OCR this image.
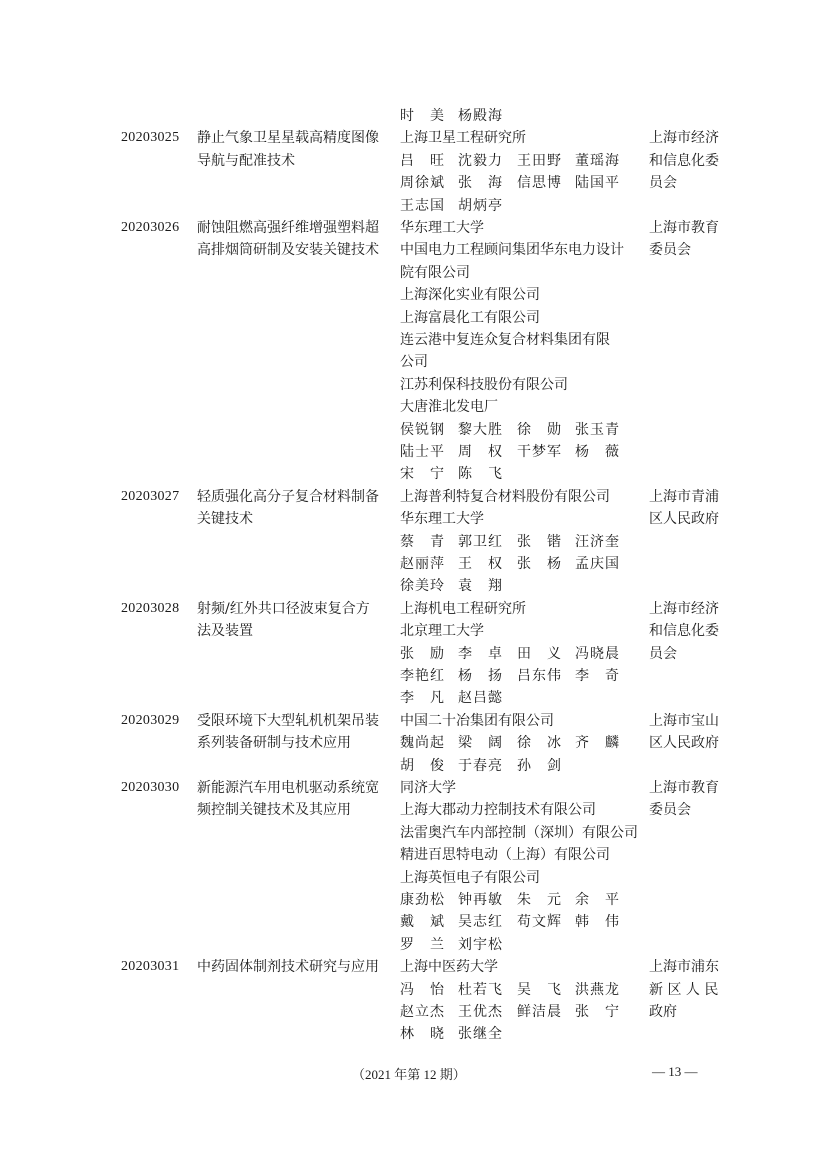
时　美 杨殿海
20203025 静止气象卫星星载高精度图像
导航与配准技术
上海卫星工程研究所
吕　旺 沈毅力 王田野 董瑶海
周徐斌 张　海 信思博 陆国平
王志国 胡炳亭
上海市经济
和信息化委
员会
20203026 耐蚀阻燃高强纤维增强塑料超
高排烟筒研制及安装关键技术
华东理工大学
中国电力工程顾问集团华东电力设计
院有限公司
上海深化实业有限公司
上海富晨化工有限公司
连云港中复连众复合材料集团有限
公司
江苏利保科技股份有限公司
大唐淮北发电厂
侯锐钢 黎大胜 徐　勋 张玉青
陆士平 周　权 干梦军 杨　薇
宋　宁 陈　飞
上海市教育
委员会
20203027 轻质强化高分子复合材料制备
关键技术
上海普利特复合材料股份有限公司
华东理工大学
蔡　青 郭卫红 张　锴 汪济奎
赵丽萍 王　权 张　杨 孟庆国
徐美玲 袁　翔
上海市青浦
区人民政府
20203028 射频/红外共口径波束复合方
法及装置
上海机电工程研究所
北京理工大学
张　励 李　卓 田　义 冯晓晨
李艳红 杨　扬 吕东伟 李　奇
李　凡 赵吕懿
上海市经济
和信息化委
员会
20203029 受限环境下大型轧机机架吊装
系列装备研制与技术应用
中国二十冶集团有限公司
魏尚起 梁　阔 徐　冰 齐　麟
胡　俊 于春亮 孙　剑
上海市宝山
区人民政府
20203030 新能源汽车用电机驱动系统宽
频控制关键技术及其应用
同济大学
上海大郡动力控制技术有限公司
法雷奥汽车内部控制（深圳）有限公司
精进百思特电动（上海）有限公司
上海英恒电子有限公司
康劲松 钟再敏 朱　元 余　平
戴　斌 吴志红 苟文辉 韩　伟
罗　兰 刘宇松
上海市教育
委员会
20203031 中药固体制剂技术研究与应用 上海中医药大学
冯　怡 杜若飞 吴　飞 洪燕龙
赵立杰 王优杰 鲜洁晨 张　宁
林　晓 张继全
上海市浦东
新 区 人 民
政府
（2021 年第 12 期）	— 13 —
